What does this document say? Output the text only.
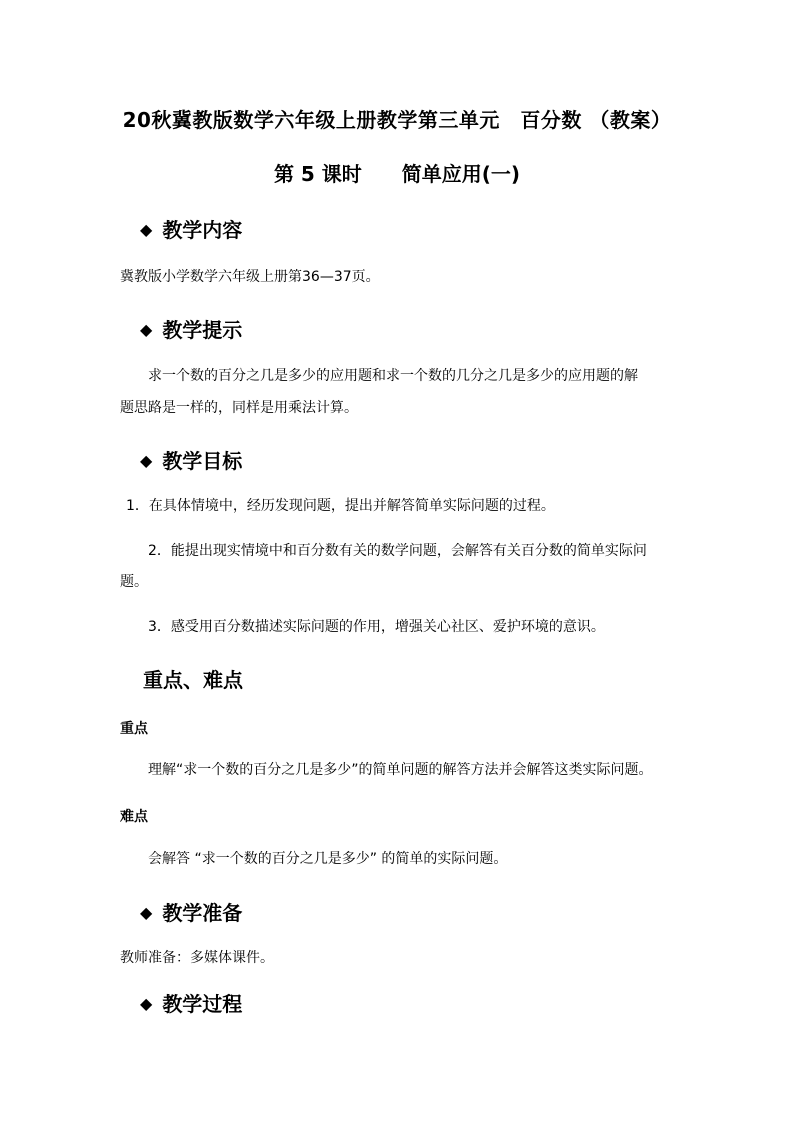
20秋冀教版数学六年级上册教学第三单元　百分数 （教案）
第 5 课时　　简单应用(一)
◆ 教学内容
冀教版小学数学六年级上册第36—37页。
◆ 教学提示
求一个数的百分之几是多少的应用题和求一个数的几分之几是多少的应用题的解
题思路是一样的，同样是用乘法计算。
◆ 教学目标
1．在具体情境中，经历发现问题，提出并解答简单实际问题的过程。
2．能提出现实情境中和百分数有关的数学问题，会解答有关百分数的简单实际问
题。
3．感受用百分数描述实际问题的作用，增强关心社区、爱护环境的意识。
重点、难点
重点
理解“求一个数的百分之几是多少”的简单问题的解答方法并会解答这类实际问题。
难点
会解答 “求一个数的百分之几是多少” 的简单的实际问题。
◆ 教学准备
教师准备：多媒体课件。
◆ 教学过程
